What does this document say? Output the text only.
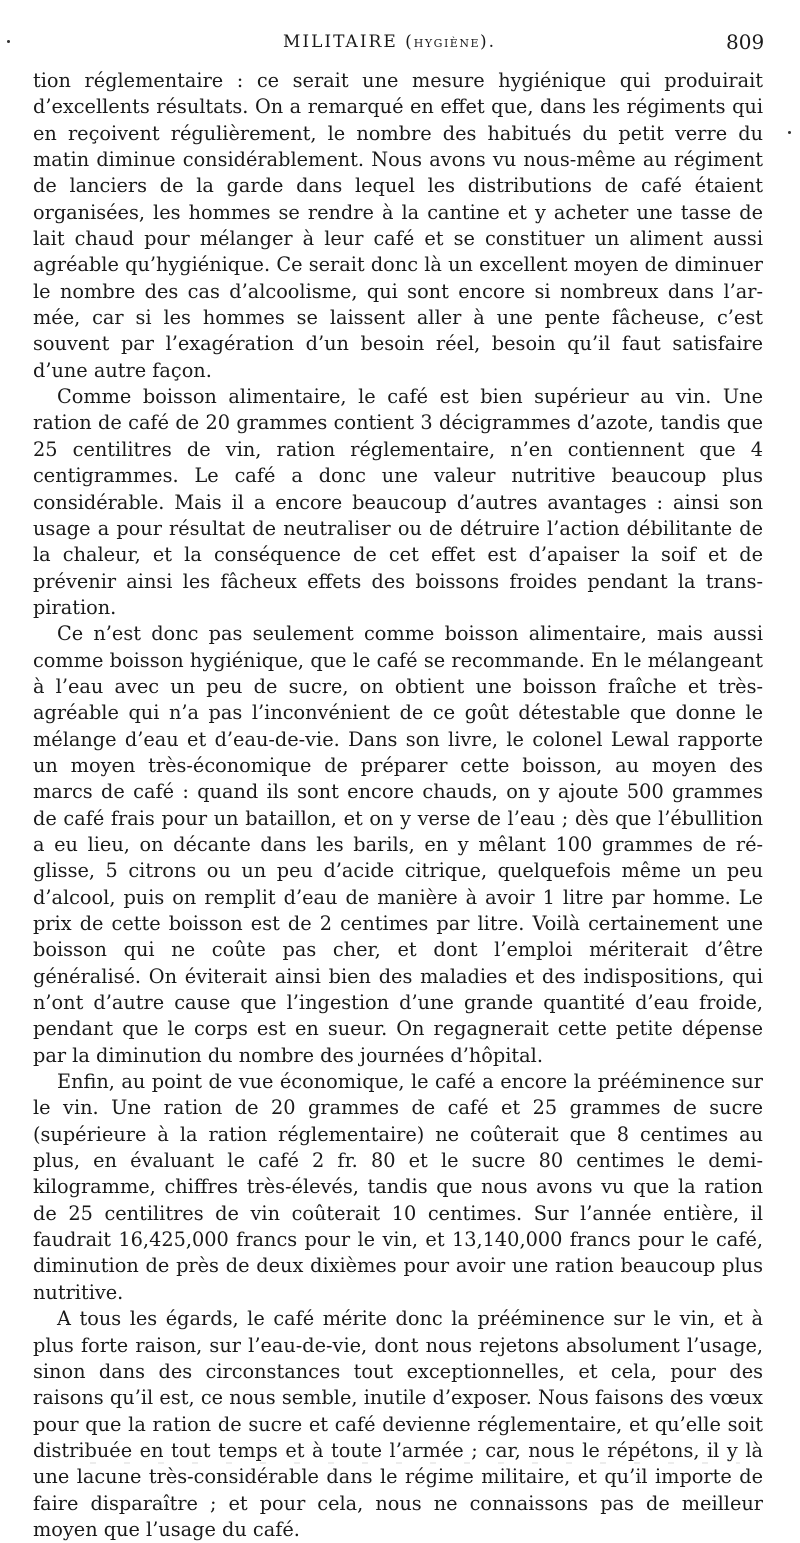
MILITAIRE (HYGIÈNE).	809

tion réglementaire : ce serait une mesure hygiénique qui produirait d’excellents résultats. On a remarqué en effet que, dans les régiments qui en reçoivent régulièrement, le nombre des habitués du petit verre du matin diminue considérablement. Nous avons vu nous-même au régiment de lanciers de la garde dans lequel les distributions de café étaient organisées, les hommes se rendre à la cantine et y acheter une tasse de lait chaud pour mélanger à leur café et se constituer un aliment aussi agréable qu’hygiénique. Ce serait donc là un excellent moyen de diminuer le nombre des cas d’alcoolisme, qui sont encore si nombreux dans l’armée, car si les hommes se laissent aller à une pente fâcheuse, c’est souvent par l’exagération d’un besoin réel, besoin qu’il faut satisfaire d’une autre façon.

Comme boisson alimentaire, le café est bien supérieur au vin. Une ration de café de 20 grammes contient 3 décigrammes d’azote, tandis que 25 centilitres de vin, ration réglementaire, n’en contiennent que 4 centigrammes. Le café a donc une valeur nutritive beaucoup plus considérable. Mais il a encore beaucoup d’autres avantages : ainsi son usage a pour résultat de neutraliser ou de détruire l’action débilitante de la chaleur, et la conséquence de cet effet est d’apaiser la soif et de prévenir ainsi les fâcheux effets des boissons froides pendant la transpiration.

Ce n’est donc pas seulement comme boisson alimentaire, mais aussi comme boisson hygiénique, que le café se recommande. En le mélangeant à l’eau avec un peu de sucre, on obtient une boisson fraîche et très-agréable qui n’a pas l’inconvénient de ce goût détestable que donne le mélange d’eau et d’eau-de-vie. Dans son livre, le colonel Lewal rapporte un moyen très-économique de préparer cette boisson, au moyen des marcs de café : quand ils sont encore chauds, on y ajoute 500 grammes de café frais pour un bataillon, et on y verse de l’eau ; dès que l’ébullition a eu lieu, on décante dans les barils, en y mêlant 100 grammes de réglisse, 5 citrons ou un peu d’acide citrique, quelquefois même un peu d’alcool, puis on remplit d’eau de manière à avoir 1 litre par homme. Le prix de cette boisson est de 2 centimes par litre. Voilà certainement une boisson qui ne coûte pas cher, et dont l’emploi mériterait d’être généralisé. On éviterait ainsi bien des maladies et des indispositions, qui n’ont d’autre cause que l’ingestion d’une grande quantité d’eau froide, pendant que le corps est en sueur. On regagnerait cette petite dépense par la diminution du nombre des journées d’hôpital.

Enfin, au point de vue économique, le café a encore la prééminence sur le vin. Une ration de 20 grammes de café et 25 grammes de sucre (supérieure à la ration réglementaire) ne coûterait que 8 centimes au plus, en évaluant le café 2 fr. 80 et le sucre 80 centimes le demi-kilogramme, chiffres très-élevés, tandis que nous avons vu que la ration de 25 centilitres de vin coûterait 10 centimes. Sur l’année entière, il faudrait 16,425,000 francs pour le vin, et 13,140,000 francs pour le café, diminution de près de deux dixièmes pour avoir une ration beaucoup plus nutritive.

A tous les égards, le café mérite donc la prééminence sur le vin, et à plus forte raison, sur l’eau-de-vie, dont nous rejetons absolument l’usage, sinon dans des circonstances tout exceptionnelles, et cela, pour des raisons qu’il est, ce nous semble, inutile d’exposer. Nous faisons des vœux pour que la ration de sucre et café devienne réglementaire, et qu’elle soit distribuée en tout temps et à toute l’armée ; car, nous le répétons, il y là une lacune très-considérable dans le régime militaire, et qu’il importe de faire disparaître ; et pour cela, nous ne connaissons pas de meilleur moyen que l’usage du café.
